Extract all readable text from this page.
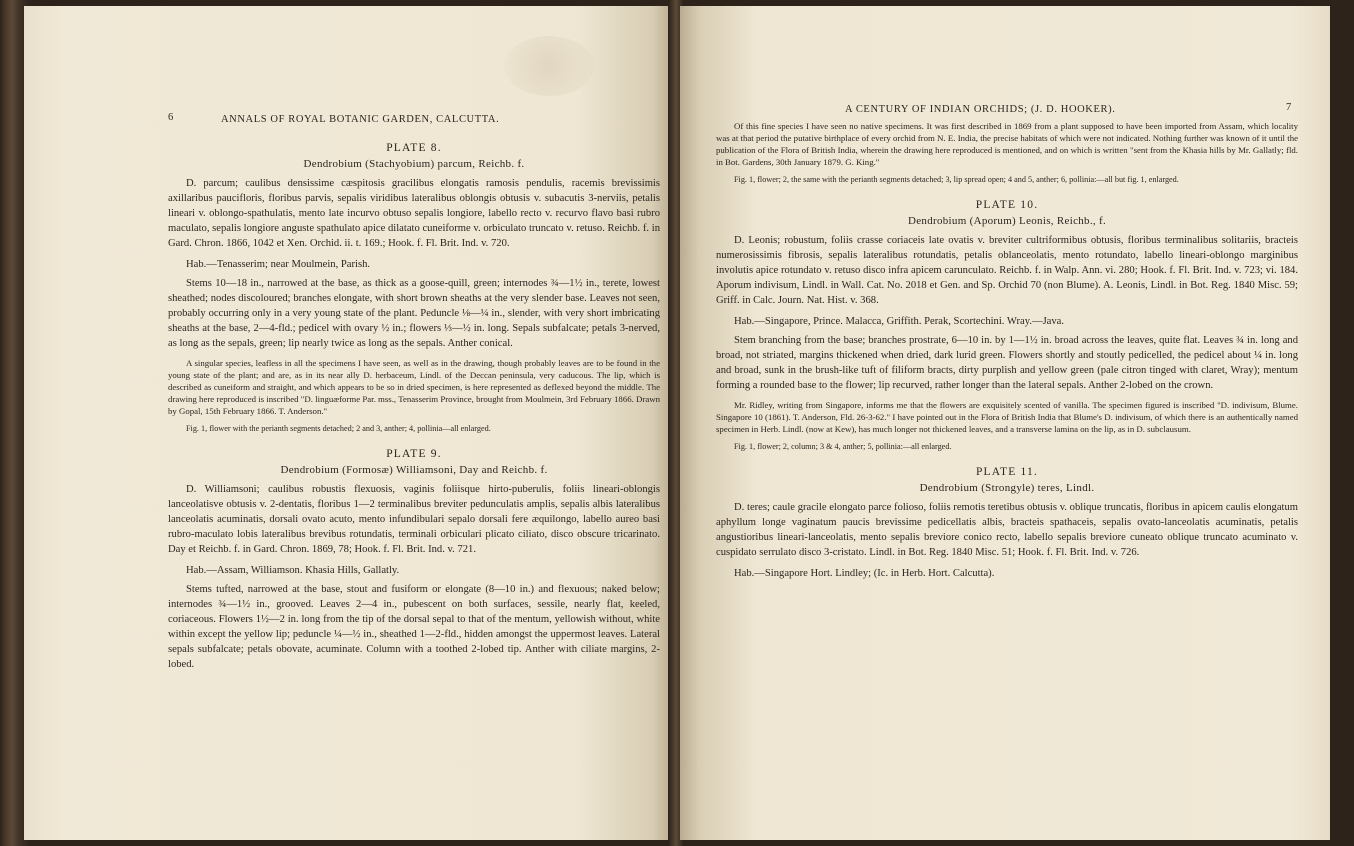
6	ANNALS OF ROYAL BOTANIC GARDEN, CALCUTTA.
PLATE 8.
Dendrobium (Stachyobium) parcum, Reichb. f.

D. parcum; caulibus densissime cæspitosis gracilibus elongatis ramosis pendulis, racemis brevissimis axillaribus paucifloris, floribus parvis, sepalis viridibus lateralibus oblongis obtusis v. subacutis 3-nerviis, petalis lineari v. oblongo-spathulatis, mento late incurvo obtuso sepalis longiore, labello recto v. recurvo flavo basi rubro maculato, sepalis longiore anguste spathulato apice dilatato cuneiforme v. orbiculato truncato v. retuso. Reichb. f. in Gard. Chron. 1866, 1042 et Xen. Orchid. ii. t. 169.; Hook. f. Fl. Brit. Ind. v. 720.

Hab.—Tenasserim; near Moulmein, Parish.

Stems 10—18 in., narrowed at the base, as thick as a goose-quill, green; internodes ¾—1½ in., terete, lowest sheathed; nodes discoloured; branches elongate, with short brown sheaths at the very slender base. Leaves not seen, probably occurring only in a very young state of the plant. Peduncle ⅛—¼ in., slender, with very short imbricating sheaths at the base, 2—4-fld.; pedicel with ovary ½ in.; flowers ⅓—½ in. long. Sepals subfalcate; petals 3-nerved, as long as the sepals, green; lip nearly twice as long as the sepals. Anther conical.

A singular species, leafless in all the specimens I have seen, as well as in the drawing, though probably leaves are to be found in the young state of the plant; and are, as in its near ally D. herbaceum, Lindl. of the Deccan peninsula, very caducous. The lip, which is described as cuneiform and straight, and which appears to be so in dried specimen, is here represented as deflexed beyond the middle. The drawing here reproduced is inscribed "D. linguæforme Par. mss., Tenasserim Province, brought from Moulmein, 3rd February 1866. Drawn by Gopal, 15th February 1866. T. Anderson."

Fig. 1, flower with the perianth segments detached; 2 and 3, anther; 4, pollinia—all enlarged.

PLATE 9.
Dendrobium (Formosæ) Williamsoni, Day and Reichb. f.

D. Williamsoni; caulibus robustis flexuosis, vaginis foliisque hirto-puberulis, foliis lineari-oblongis lanceolatisve obtusis v. 2-dentatis, floribus 1—2 terminalibus breviter pedunculatis amplis, sepalis albis lateralibus lanceolatis acuminatis, dorsali ovato acuto, mento infundibulari sepalo dorsali fere æquilongo, labello aureo basi rubro-maculato lobis lateralibus brevibus rotundatis, terminali orbiculari plicato ciliato, disco obscure tricarinato. Day et Reichb. f. in Gard. Chron. 1869, 78; Hook. f. Fl. Brit. Ind. v. 721.

Hab.—Assam, Williamson. Khasia Hills, Gallatly.

Stems tufted, narrowed at the base, stout and fusiform or elongate (8—10 in.) and flexuous; naked below; internodes ¾—1½ in., grooved. Leaves 2—4 in., pubescent on both surfaces, sessile, nearly flat, keeled, coriaceous. Flowers 1½—2 in. long from the tip of the dorsal sepal to that of the mentum, yellowish without, white within except the yellow lip; peduncle ¼—½ in., sheathed 1—2-fld., hidden amongst the uppermost leaves. Lateral sepals subfalcate; petals obovate, acuminate. Column with a toothed 2-lobed tip. Anther with ciliate margins, 2-lobed.

A CENTURY OF INDIAN ORCHIDS; (J. D. HOOKER).	7

Of this fine species I have seen no native specimens. It was first described in 1869 from a plant supposed to have been imported from Assam, which locality was at that period the putative birthplace of every orchid from N. E. India, the precise habitats of which were not indicated. Nothing further was known of it until the publication of the Flora of British India, wherein the drawing here reproduced is mentioned, and on which is written "sent from the Khasia hills by Mr. Gallatly; fld. in Bot. Gardens, 30th January 1879. G. King."

Fig. 1, flower; 2, the same with the perianth segments detached; 3, lip spread open; 4 and 5, anther; 6, pollinia:—all but fig. 1, enlarged.

PLATE 10.
Dendrobium (Aporum) Leonis, Reichb., f.

D. Leonis; robustum, foliis crasse coriaceis late ovatis v. breviter cultriformibus obtusis, floribus terminalibus solitariis, bracteis numerosissimis fibrosis, sepalis lateralibus rotundatis, petalis oblanceolatis, mento rotundato, labello lineari-oblongo marginibus involutis apice rotundato v. retuso disco infra apicem carunculato. Reichb. f. in Walp. Ann. vi. 280; Hook. f. Fl. Brit. Ind. v. 723; vi. 184. Aporum indivisum, Lindl. in Wall. Cat. No. 2018 et Gen. and Sp. Orchid 70 (non Blume). A. Leonis, Lindl. in Bot. Reg. 1840 Misc. 59; Griff. in Calc. Journ. Nat. Hist. v. 368.

Hab.—Singapore, Prince. Malacca, Griffith. Perak, Scortechini. Wray.—Java.

Stem branching from the base; branches prostrate, 6—10 in. by 1—1½ in. broad across the leaves, quite flat. Leaves ¾ in. long and broad, not striated, margins thickened when dried, dark lurid green. Flowers shortly and stoutly pedicelled, the pedicel about ¼ in. long and broad, sunk in the brush-like tuft of filiform bracts, dirty purplish and yellow green (pale citron tinged with claret, Wray); mentum forming a rounded base to the flower; lip recurved, rather longer than the lateral sepals. Anther 2-lobed on the crown.

Mr. Ridley, writing from Singapore, informs me that the flowers are exquisitely scented of vanilla. The specimen figured is inscribed "D. indivisum, Blume. Singapore 10 (1861). T. Anderson, Fld. 26-3-62." I have pointed out in the Flora of British India that Blume's D. indivisum, of which there is an authentically named specimen in Herb. Lindl. (now at Kew), has much longer not thickened leaves, and a transverse lamina on the lip, as in D. subclausum.

Fig. 1, flower; 2, column; 3 & 4, anther; 5, pollinia:—all enlarged.

PLATE 11.
Dendrobium (Strongyle) teres, Lindl.

D. teres; caule gracile elongato parce folioso, foliis remotis teretibus obtusis v. oblique truncatis, floribus in apicem caulis elongatum aphyllum longe vaginatum paucis brevissime pedicellatis albis, bracteis spathaceis, sepalis ovato-lanceolatis acuminatis, petalis angustioribus lineari-lanceolatis, mento sepalis breviore conico recto, labello sepalis breviore cuneato oblique truncato acuminato v. cuspidato serrulato disco 3-cristato. Lindl. in Bot. Reg. 1840 Misc. 51; Hook. f. Fl. Brit. Ind. v. 726.

Hab.—Singapore Hort. Lindley; (Ic. in Herb. Hort. Calcutta).
